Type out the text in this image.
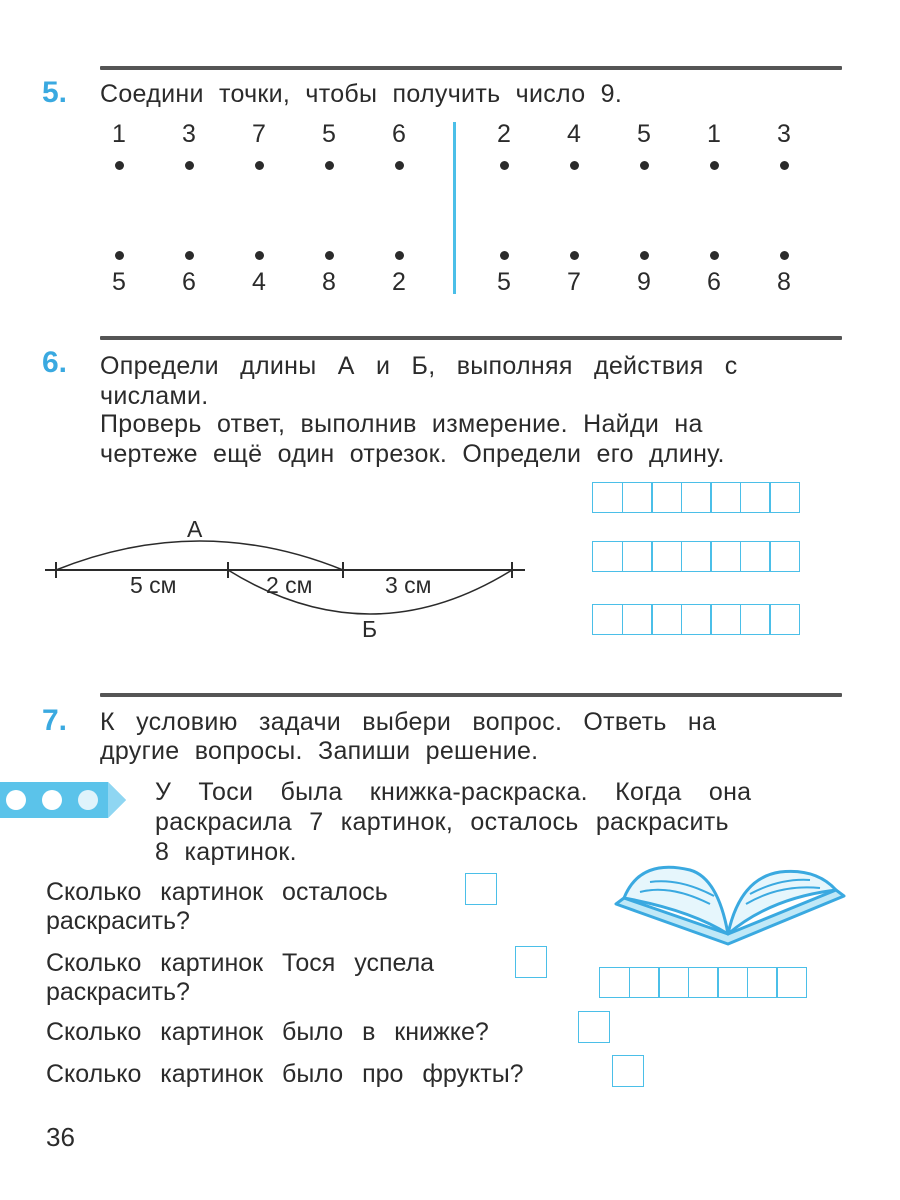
5. Соедини точки, чтобы получить число 9.
1
5
3
6
7
4
5
8
6
2
2
5
4
7
5
9
1
6
3
8
6. Определи длины А и Б, выполняя действия с
числами.
Проверь ответ, выполнив измерение. Найди на
чертеже ещё один отрезок. Определи его длину.
А
5 см	2 см	3 см
Б
7. К условию задачи выбери вопрос. Ответь на
другие вопросы. Запиши решение.
У Тоси была книжка-раскраска. Когда она
раскрасила 7 картинок, осталось раскрасить
8 картинок.
Сколько картинок осталось
раскрасить?
Сколько картинок Тося успела
раскрасить?
Сколько картинок было в книжке?
Сколько картинок было про фрукты?
36
